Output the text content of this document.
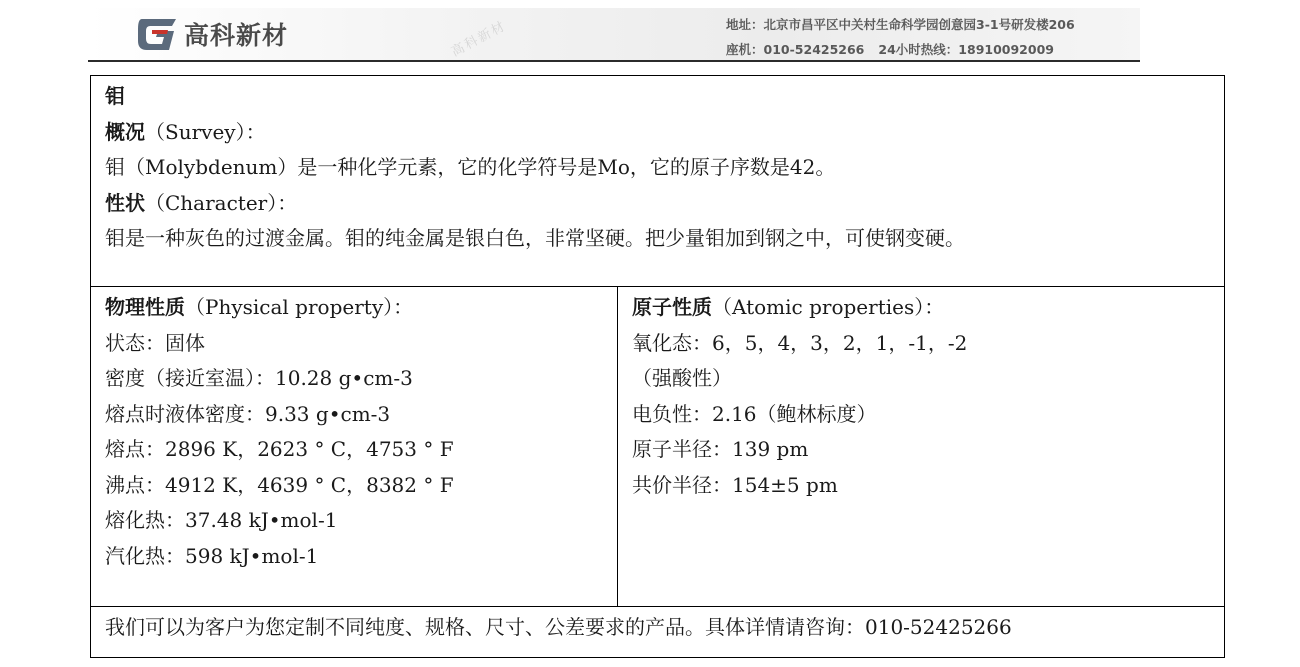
高科新材	高科新材	地址：北京市昌平区中关村生命科学园创意园3-1号研发楼206
座机：010-52425266 24小时热线：18910092009
钼
概况（Survey）：
钼（Molybdenum）是一种化学元素，它的化学符号是Mo，它的原子序数是42。
性状（Character）：
钼是一种灰色的过渡金属。钼的纯金属是银白色，非常坚硬。把少量钼加到钢之中，可使钢变硬。
物理性质（Physical property）：
状态：固体
密度（接近室温）：10.28 g•cm-3
熔点时液体密度：9.33 g•cm-3
熔点：2896 K，2623 ° C，4753 ° F
沸点：4912 K，4639 ° C，8382 ° F
熔化热：37.48 kJ•mol-1
汽化热：598 kJ•mol-1
原子性质（Atomic properties）：
氧化态：6，5，4，3，2，1，-1，-2
（强酸性）
电负性：2.16（鲍林标度）
原子半径：139 pm
共价半径：154±5 pm
我们可以为客户为您定制不同纯度、规格、尺寸、公差要求的产品。具体详情请咨询：010-52425266
